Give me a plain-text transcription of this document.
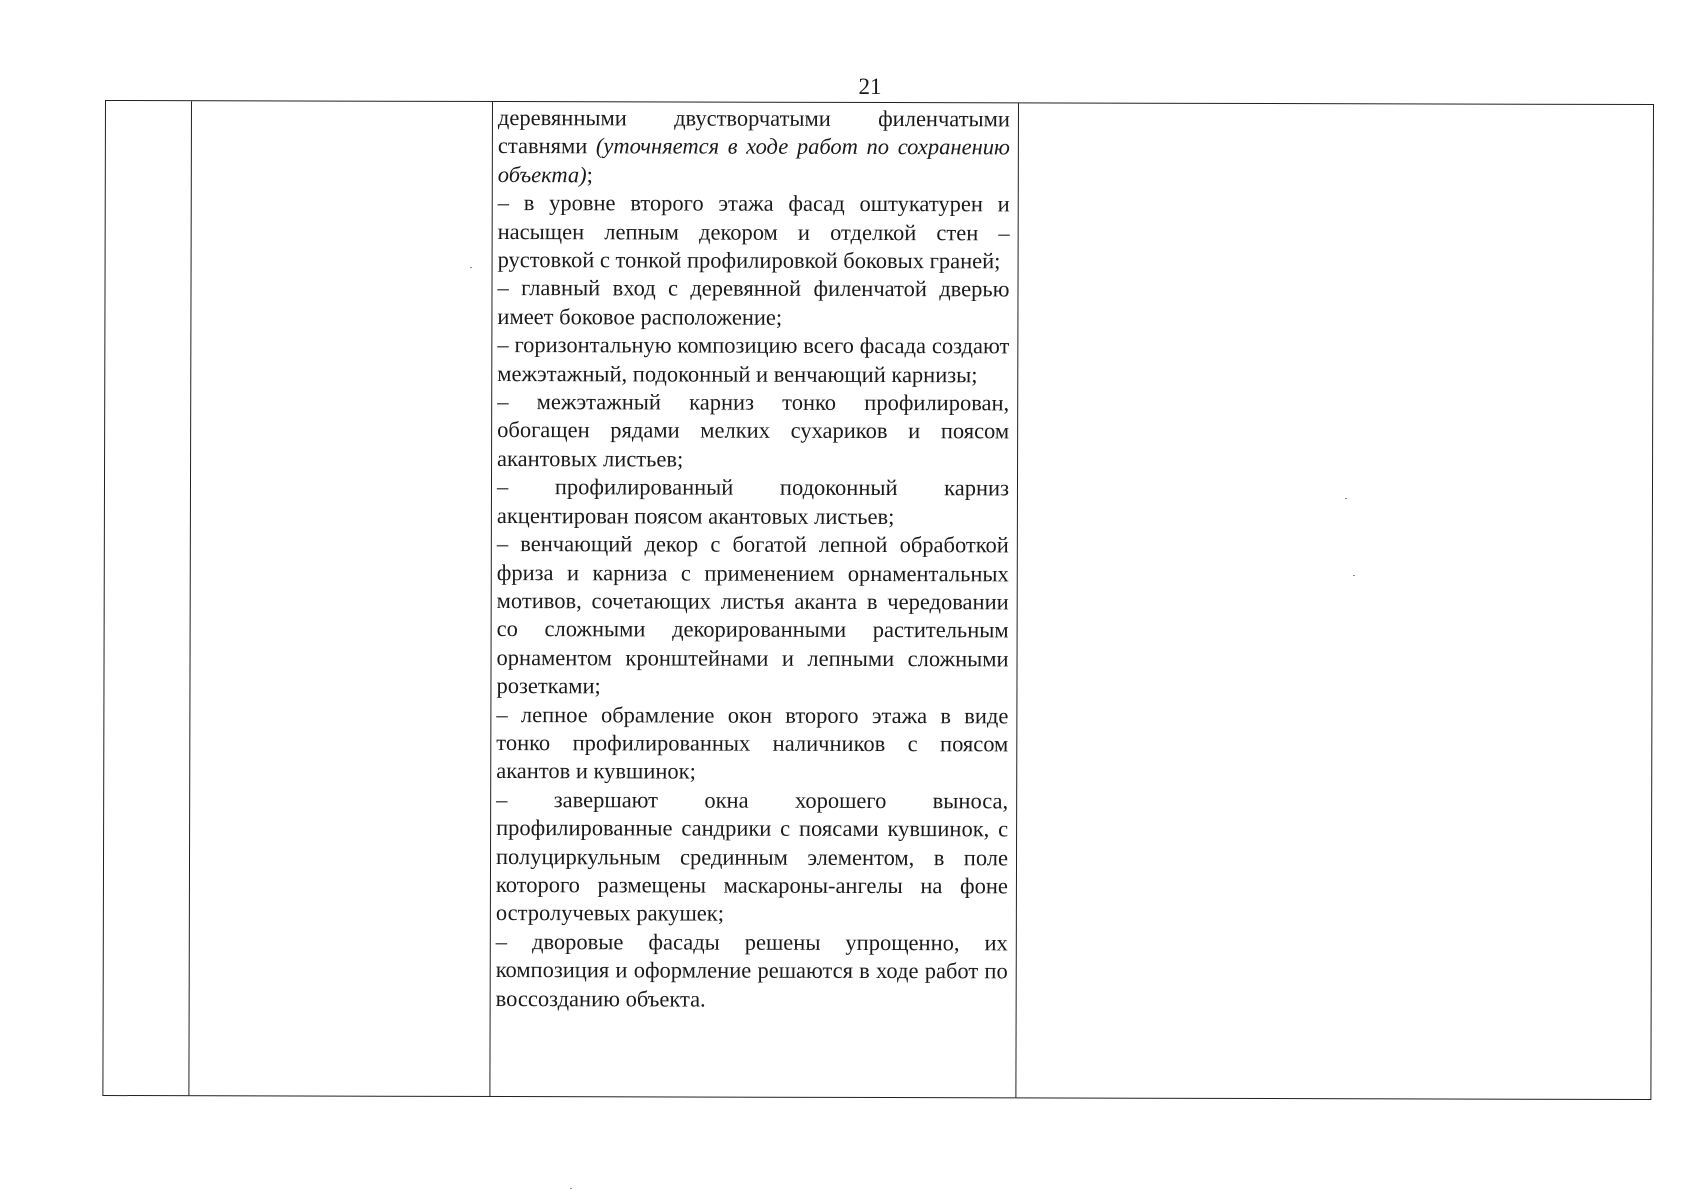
21

деревянными двустворчатыми филенчатыми ставнями (уточняется в ходе работ по сохранению объекта);

– в уровне второго этажа фасад оштукатурен и насыщен лепным декором и отделкой стен – рустовкой с тонкой профилировкой боковых граней;

– главный вход с деревянной филенчатой дверью имеет боковое расположение;

– горизонтальную композицию всего фасада создают межэтажный, подоконный и венчающий карнизы;

– межэтажный карниз тонко профилирован, обогащен рядами мелких сухариков и поясом акантовых листьев;

– профилированный подоконный карниз акцентирован поясом акантовых листьев;

– венчающий декор с богатой лепной обработкой фриза и карниза с применением орнаментальных мотивов, сочетающих листья аканта в чередовании со сложными декорированными растительным орнаментом кронштейнами и лепными сложными розетками;

– лепное обрамление окон второго этажа в виде тонко профилированных наличников с поясом акантов и кувшинок;

– завершают окна хорошего выноса, профилированные сандрики с поясами кувшинок, с полуциркульным срединным элементом, в поле которого размещены маскароны-ангелы на фоне остролучевых ракушек;

– дворовые фасады решены упрощенно, их композиция и оформление решаются в ходе работ по воссозданию объекта.
